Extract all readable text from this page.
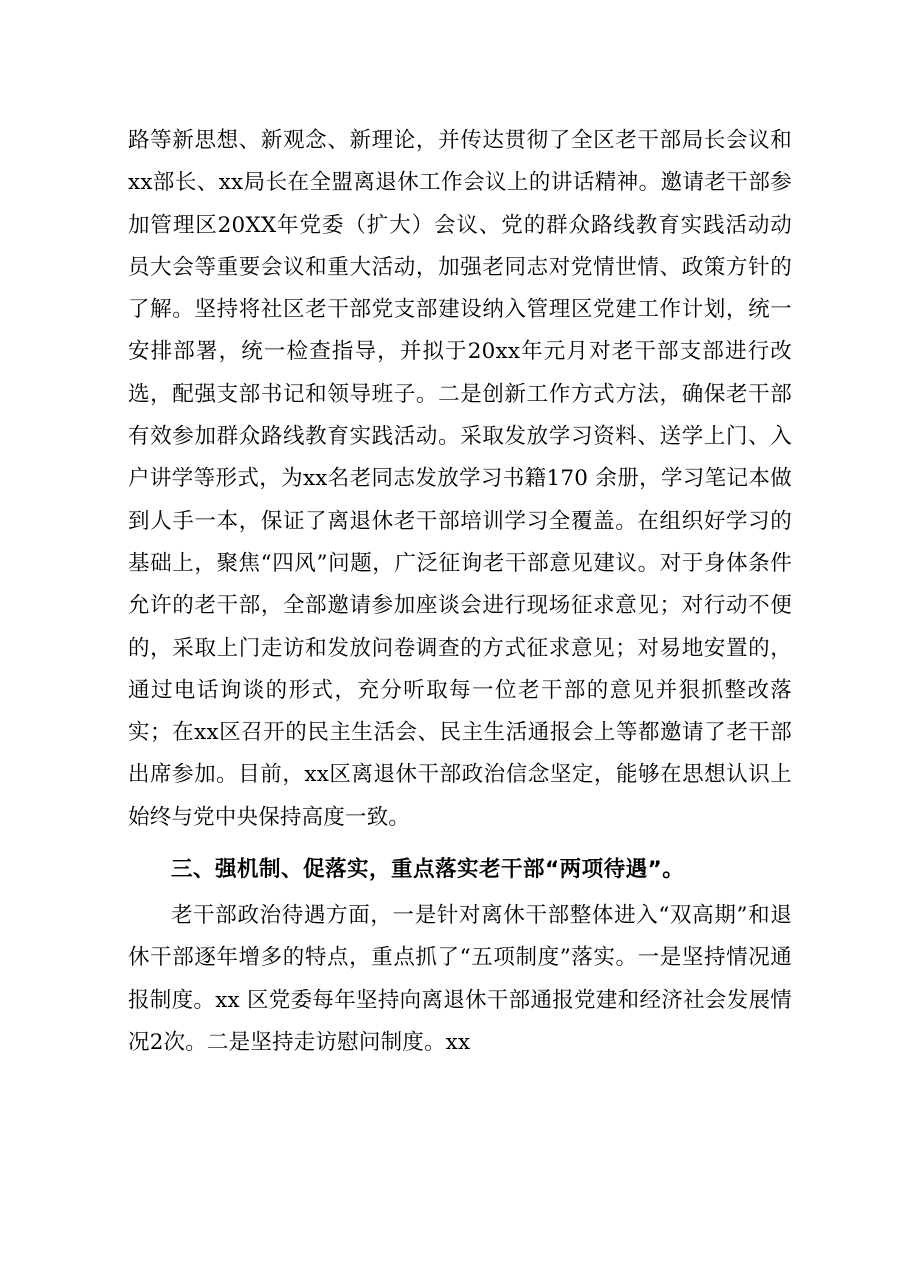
路等新思想、新观念、新理论，并传达贯彻了全区老干部局长会议和xx部长、xx局长在全盟离退休工作会议上的讲话精神。邀请老干部参加管理区20XX年党委（扩大）会议、党的群众路线教育实践活动动员大会等重要会议和重大活动，加强老同志对党情世情、政策方针的了解。坚持将社区老干部党支部建设纳入管理区党建工作计划，统一安排部署，统一检查指导，并拟于20xx年元月对老干部支部进行改选，配强支部书记和领导班子。二是创新工作方式方法，确保老干部有效参加群众路线教育实践活动。采取发放学习资料、送学上门、入户讲学等形式，为xx名老同志发放学习书籍170 余册，学习笔记本做到人手一本，保证了离退休老干部培训学习全覆盖。在组织好学习的基础上，聚焦“四风”问题，广泛征询老干部意见建议。对于身体条件允许的老干部，全部邀请参加座谈会进行现场征求意见；对行动不便的，采取上门走访和发放问卷调查的方式征求意见；对易地安置的，通过电话询谈的形式，充分听取每一位老干部的意见并狠抓整改落实；在xx区召开的民主生活会、民主生活通报会上等都邀请了老干部出席参加。目前，xx区离退休干部政治信念坚定，能够在思想认识上始终与党中央保持高度一致。

三、强机制、促落实，重点落实老干部“两项待遇”。

老干部政治待遇方面，一是针对离休干部整体进入“双高期”和退休干部逐年增多的特点，重点抓了“五项制度”落实。一是坚持情况通报制度。xx 区党委每年坚持向离退休干部通报党建和经济社会发展情况2次。二是坚持走访慰问制度。xx
